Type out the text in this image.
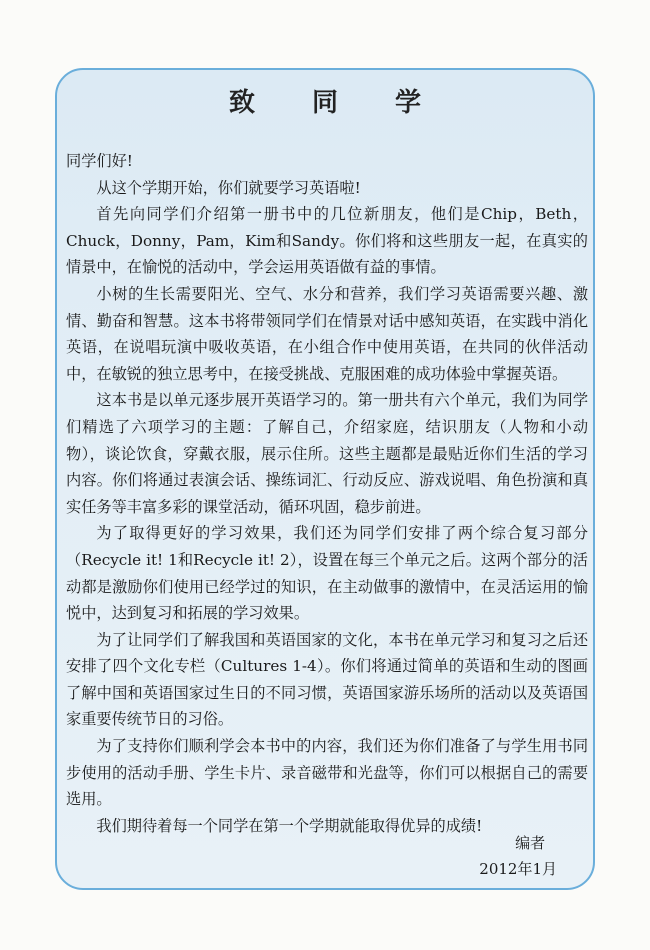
致 同 学

同学们好!

从这个学期开始，你们就要学习英语啦!

首先向同学们介绍第一册书中的几位新朋友，他们是Chip，Beth，Chuck，Donny，Pam，Kim和Sandy。你们将和这些朋友一起，在真实的情景中，在愉悦的活动中，学会运用英语做有益的事情。

小树的生长需要阳光、空气、水分和营养，我们学习英语需要兴趣、激情、勤奋和智慧。这本书将带领同学们在情景对话中感知英语，在实践中消化英语，在说唱玩演中吸收英语，在小组合作中使用英语，在共同的伙伴活动中，在敏锐的独立思考中，在接受挑战、克服困难的成功体验中掌握英语。

这本书是以单元逐步展开英语学习的。第一册共有六个单元，我们为同学们精选了六项学习的主题：了解自己，介绍家庭，结识朋友（人物和小动物），谈论饮食，穿戴衣服，展示住所。这些主题都是最贴近你们生活的学习内容。你们将通过表演会话、操练词汇、行动反应、游戏说唱、角色扮演和真实任务等丰富多彩的课堂活动，循环巩固，稳步前进。

为了取得更好的学习效果，我们还为同学们安排了两个综合复习部分（Recycle it! 1和Recycle it! 2），设置在每三个单元之后。这两个部分的活动都是激励你们使用已经学过的知识，在主动做事的激情中，在灵活运用的愉悦中，达到复习和拓展的学习效果。

为了让同学们了解我国和英语国家的文化，本书在单元学习和复习之后还安排了四个文化专栏（Cultures 1-4）。你们将通过简单的英语和生动的图画了解中国和英语国家过生日的不同习惯，英语国家游乐场所的活动以及英语国家重要传统节日的习俗。

为了支持你们顺利学会本书中的内容，我们还为你们准备了与学生用书同步使用的活动手册、学生卡片、录音磁带和光盘等，你们可以根据自己的需要选用。

我们期待着每一个同学在第一个学期就能取得优异的成绩!

编者
2012年1月
